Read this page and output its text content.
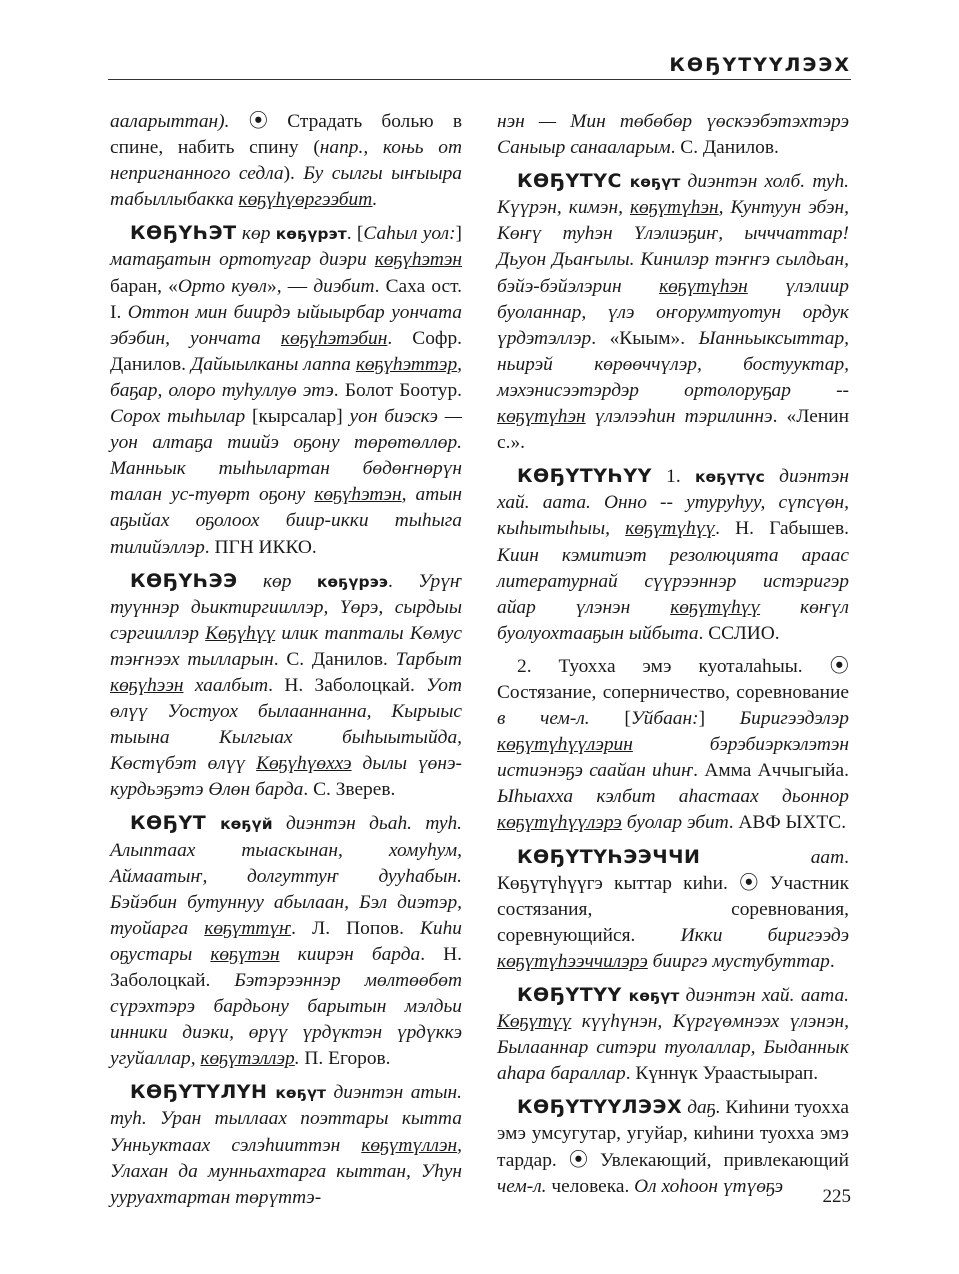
КӨҔҮТҮҮЛЭЭХ

ааларыттан). ⦿ Страдать болью в спине, набить спину (напр., коњь от непригнанного седла). Бу сылгы ыҥыыра табыллыбакка көҕүһүөргээбит.

КӨҔҮҺЭТ көр көҕүрэт. [Саһыл уол:] матаҕатын ортотугар диэри көҕүһэтэн баран, «Орто куөл», — диэбит. Саха ост. I. Оттон мин биирдэ ыйыырбар уончата эбэбин, уончата көҕүһэтэбин. Софр. Данилов. Дайыылканы лаппа көҕүһэттэр, баҕар, олоро туһуллуө этэ. Болот Боотур. Сорох тыһылар [кырсалар] уон биэскэ — уон алтаҕа тиийэ оҕону төрөтөллөр. Манньык тыһылартан бөдөҥнөрүн талан ус-туөрт оҕону көҕүһэтэн, атын аҕыйах оҕолоох биир-икки тыһыга тилийэллэр. ПГН ИККО.

КӨҔҮҺЭЭ көр көҕүрээ. Урүҥ туүннэр дьиктиргииллэр, Үөрэ, сырдыы сэргииллэр Көҕүһүү илик тапталы Көмус тэҥнээх тылларын. С. Данилов. Тарбыт көҕүһээн хаалбыт. Н. Заболоцкай. Уот өлүү Уостуох былааннанна, Кырыыс тыына Кылгыах быһыытыйда, Көстүбэт өлүү Көҕүһүөххэ дылы үөнэ-курдьэҕэтэ Өлөн барда. С. Зверев.

КӨҔҮТ көҕүй диэнтэн дьаһ. туһ. Алыптаах тыаскынан, хомуһум, Аймаатыҥ, долгуттуҥ дууһабын. Бэйэбин бутуннуу абылаан, Бэл диэтэр, туойарга көҕүттүҥ. Л. Попов. Киһи оҕустары көҕүтэн киирэн барда. Н. Заболоцкай. Бэтэрээннэр мөлтөөбөт сүрэхтэрэ бардьону барытын мэлдьи инники диэки, өрүү үрдүктэн үрдүккэ угуйаллар, көҕүтэллэр. П. Егоров.

КӨҔҮТҮЛҮН көҕүт диэнтэн атын. туһ. Уран тыллаах поэттары кытта Унньуктаах сэлэһииттэн көҕүтүллэн, Улахан да мунньахтарга кыттан, Уһун ууруахтартан төрүттэ-

нэн — Мин төбөбөр үөскээбэтэхтэрэ Саныыр санааларым. С. Данилов.

КӨҔҮТҮС көҕүт диэнтэн холб. туһ. Күүрэн, кимэн, көҕүтүһэн, Кунтуун эбэн, Көҥү туһэн Үлэлиэҕиҥ, ычччаттар! Дьуон Дьаҥылы. Кинилэр тэҥҥэ сылдьан, бэйэ-бэйэлэрин көҕүтүһэн үлэлиир буоланнар, үлэ оҥорумтуотун ордук үрдэтэллэр. «Кыым». Ыанньыксыттар, ньирэй көрөөччүлэр, бостууктар, мэхэнисээтэрдэр ортолоруҕар -- көҕүтүһэн үлэлээһин тэрилиннэ. «Ленин с.».

КӨҔҮТҮҺҮҮ 1. көҕүтүс диэнтэн хай. аата. Онно -- утуруһуу, сүпсүөн, кыһытыһыы, көҕүтүһүү. Н. Габышев. Киин кэмитиэт резолюцията араас литературнай сүүрээннэр истэригэр айар үлэнэн көҕүтүһүү көҥүл буолуохтааҕын ыйбыта. ССЛИО.

2. Туохха эмэ куоталаһыы. ⦿ Состязание, соперничество, соревнование в чем-л. [Уйбаан:] Биригээдэлэр көҕүтүһүүлэрин бэрэбиэркэлэтэн истиэнэҕэ саайан иһиҥ. Амма Аччыгыйа. Ыһыахха кэлбит аһастаах дьоннор көҕүтүһүүлэрэ буолар эбит. АВФ ЫХТС.

КӨҔҮТҮҺЭЭЧЧИ аат. Көҕүтүһүүгэ кыттар киһи. ⦿ Участник состязания, соревнования, соревнующийся. Икки биригээдэ көҕүтүһээччилэрэ бииргэ мустубуттар.

КӨҔҮТҮҮ көҕүт диэнтэн хай. аата. Көҕүтүү күүһүнэн, Күргүөмнээх үлэнэн, Былааннар ситэри туолаллар, Быданнык аһара бараллар. Күннүк Ураастыырап.

КӨҔҮТҮҮЛЭЭХ даҕ. Киһини туохха эмэ умсугутар, угуйар, киһини туохха эмэ тардар. ⦿ Увлекающий, привлекающий чем-л. человека. Ол хоһоон үтүөҕэ	225
